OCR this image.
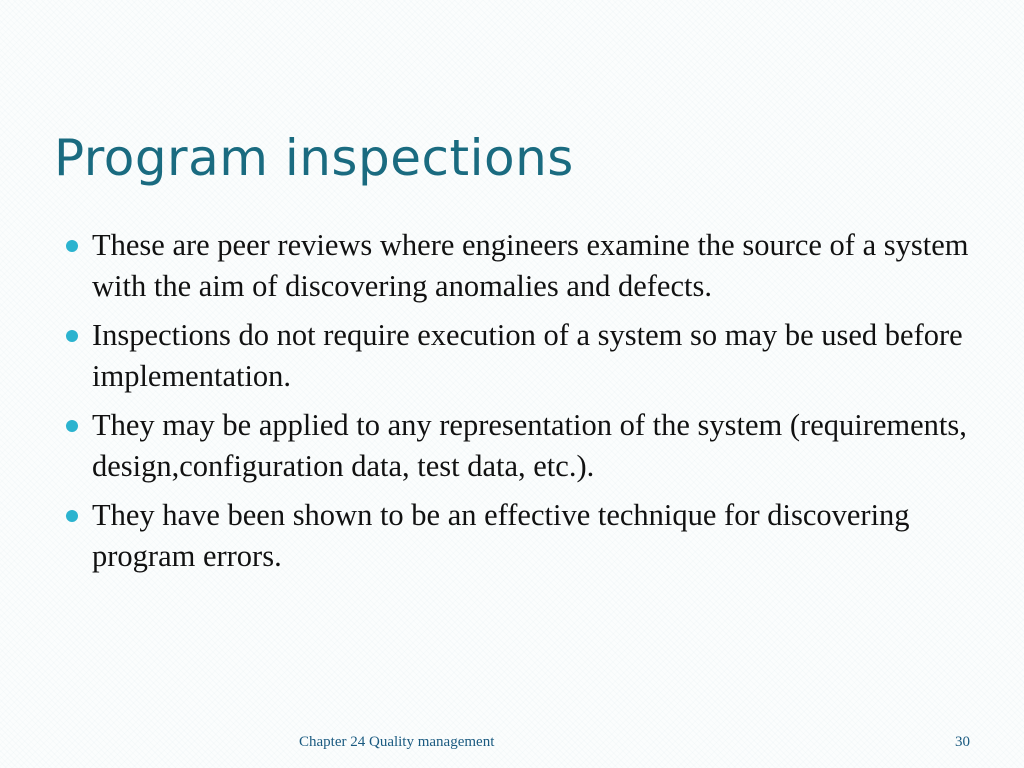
Program inspections
These are peer reviews where engineers examine the source of a system with the aim of discovering anomalies and defects.
Inspections do not require execution of a system so may be used before implementation.
They may be applied to any representation of the system (requirements, design,configuration data, test data, etc.).
They have been shown to be an effective technique for discovering program errors.
Chapter 24 Quality management	30
